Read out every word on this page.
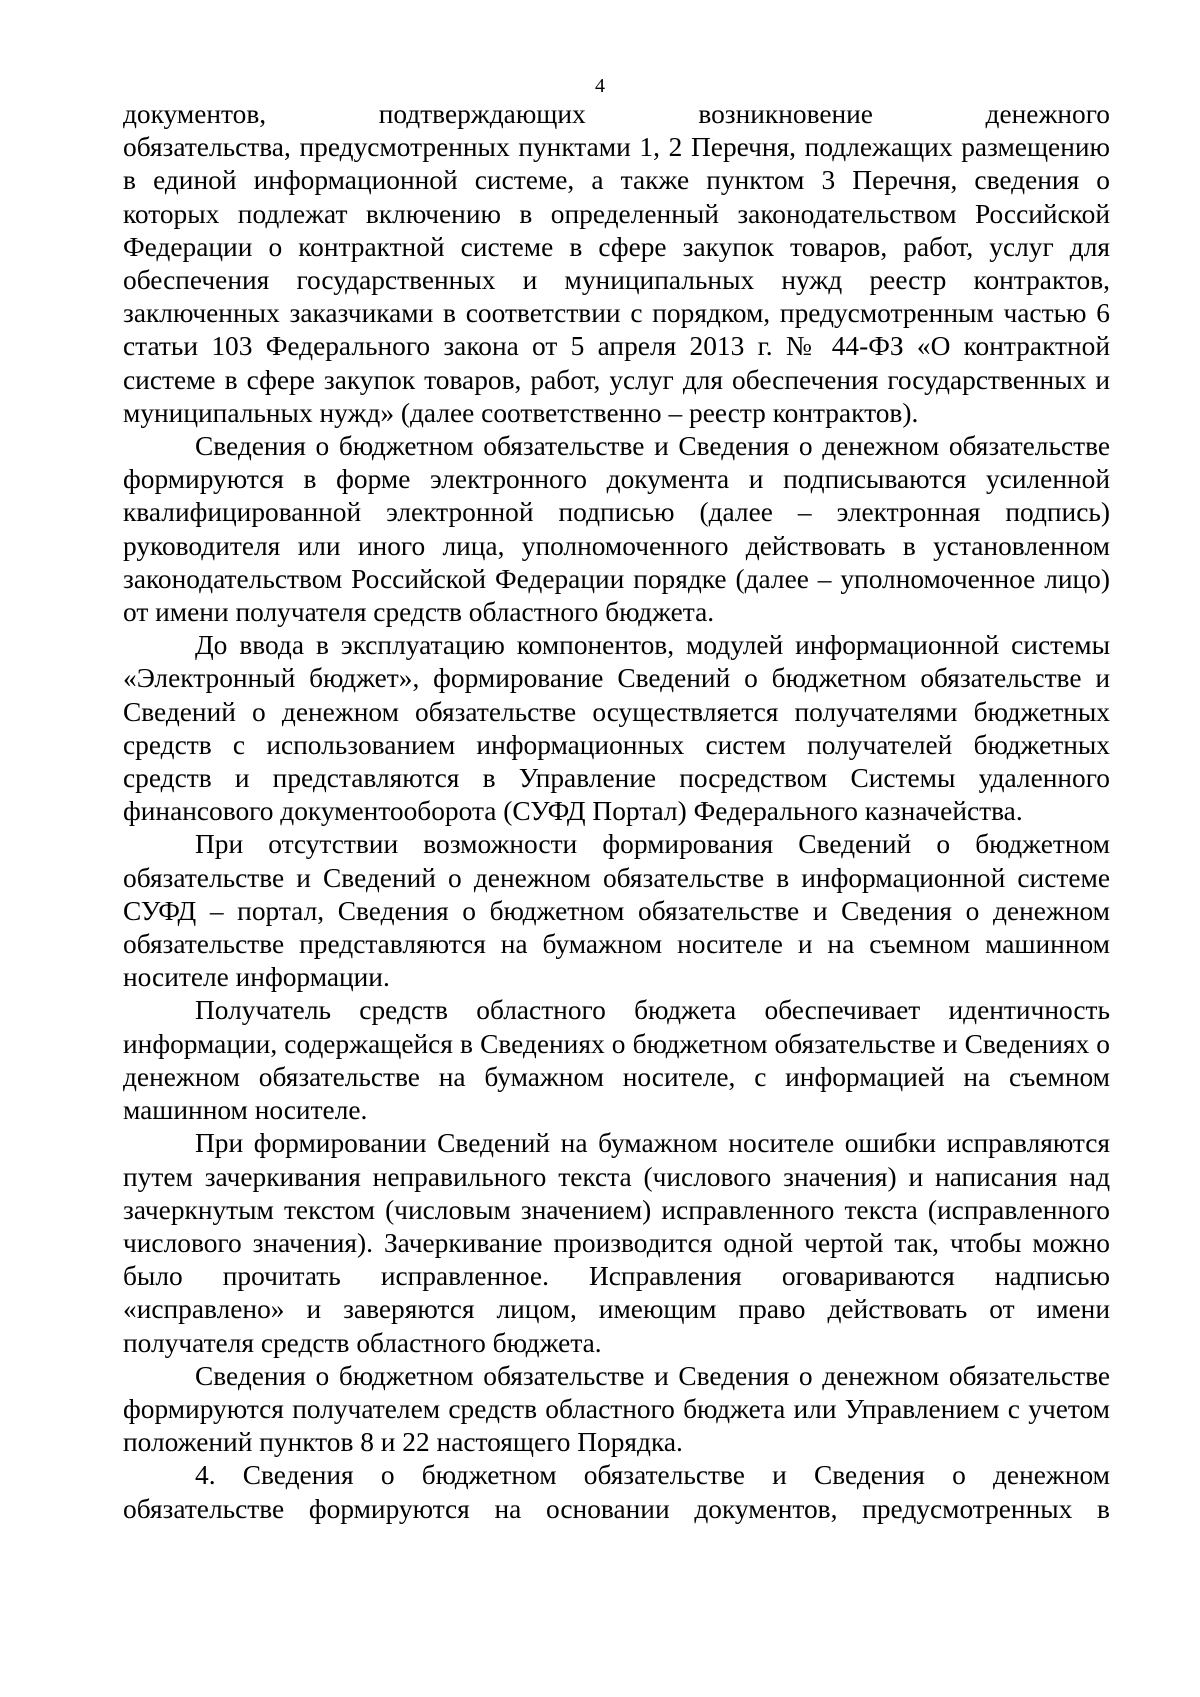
4

документов, подтверждающих возникновение денежного

обязательства, предусмотренных пунктами 1, 2 Перечня, подлежащих размещению в единой информационной системе, а также пунктом 3 Перечня, сведения о которых подлежат включению в определенный законодательством Российской Федерации о контрактной системе в сфере закупок товаров, работ, услуг для обеспечения государственных и муниципальных нужд реестр контрактов, заключенных заказчиками в соответствии с порядком, предусмотренным частью 6 статьи 103 Федерального закона от 5 апреля 2013 г. № 44-ФЗ «О контрактной системе в сфере закупок товаров, работ, услуг для обеспечения государственных и муниципальных нужд» (далее соответственно – реестр контрактов).

Сведения о бюджетном обязательстве и Сведения о денежном обязательстве формируются в форме электронного документа и подписываются усиленной квалифицированной электронной подписью (далее – электронная подпись) руководителя или иного лица, уполномоченного действовать в установленном законодательством Российской Федерации порядке (далее – уполномоченное лицо) от имени получателя средств областного бюджета.

До ввода в эксплуатацию компонентов, модулей информационной системы «Электронный бюджет», формирование Сведений о бюджетном обязательстве и Сведений о денежном обязательстве осуществляется получателями бюджетных средств с использованием информационных систем получателей бюджетных средств и представляются в Управление посредством Системы удаленного финансового документооборота (СУФД Портал) Федерального казначейства.

При отсутствии возможности формирования Сведений о бюджетном обязательстве и Сведений о денежном обязательстве в информационной системе СУФД – портал, Сведения о бюджетном обязательстве и Сведения о денежном обязательстве представляются на бумажном носителе и на съемном машинном носителе информации.

Получатель средств областного бюджета обеспечивает идентичность информации, содержащейся в Сведениях о бюджетном обязательстве и Сведениях о денежном обязательстве на бумажном носителе, с информацией на съемном машинном носителе.

При формировании Сведений на бумажном носителе ошибки исправляются путем зачеркивания неправильного текста (числового значения) и написания над зачеркнутым текстом (числовым значением) исправленного текста (исправленного числового значения). Зачеркивание производится одной чертой так, чтобы можно было прочитать исправленное. Исправления оговариваются надписью «исправлено» и заверяются лицом, имеющим право действовать от имени получателя средств областного бюджета.

Сведения о бюджетном обязательстве и Сведения о денежном обязательстве формируются получателем средств областного бюджета или Управлением с учетом положений пунктов 8 и 22 настоящего Порядка.

4. Сведения о бюджетном обязательстве и Сведения о денежном обязательстве формируются на основании документов, предусмотренных в
